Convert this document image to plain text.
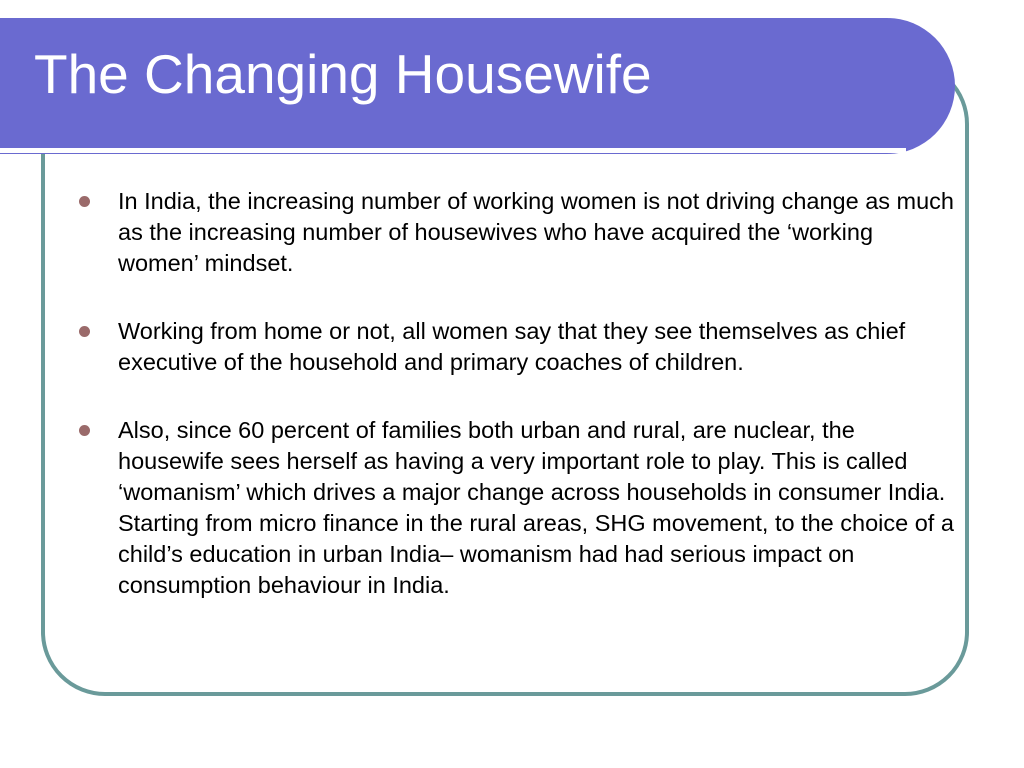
The Changing Housewife
In India, the increasing number of working women is not driving change as much as the increasing number of housewives who have acquired the ‘working women’ mindset.
Working from home or not, all women say that they see themselves as chief executive of the household and primary coaches of children.
Also, since 60 percent of families both urban and rural, are nuclear, the housewife sees herself as having a very important role to play. This is called ‘womanism’ which drives a major change across households in consumer India. Starting from micro finance in the rural areas, SHG movement, to the choice of a child’s education in urban India– womanism had had serious impact on consumption behaviour in India.
